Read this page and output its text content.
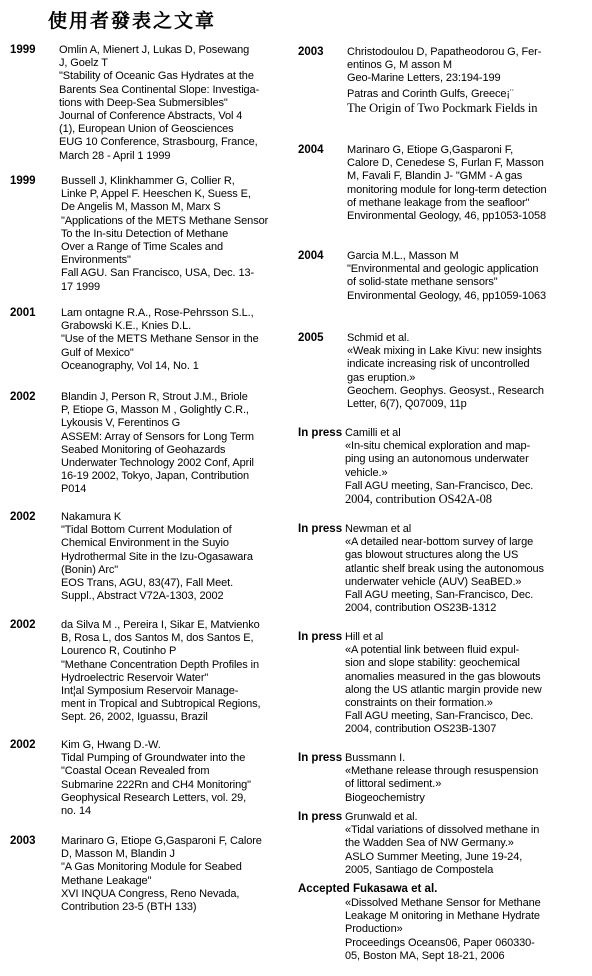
使用者發表之文章
1999 Omlin A, Mienert J, Lukas D, Posewang
J, Goelz T
"Stability of Oceanic Gas Hydrates at the
Barents Sea Continental Slope: Investiga-
tions with Deep-Sea Submersibles"
Journal of Conference Abstracts, Vol 4
(1), European Union of Geosciences
EUG 10 Conference, Strasbourg, France,
March 28 - April 1 1999
1999 Bussell J, Klinkhammer G, Collier R,
Linke P, Appel F. Heeschen K, Suess E,
De Angelis M, Masson M, Marx S
"Applications of the METS Methane Sensor
To the In-situ Detection of Methane
Over a Range of Time Scales and
Environments"
Fall AGU. San Francisco, USA, Dec. 13-
17 1999
2001 Lam ontagne R.A., Rose-Pehrsson S.L.,
Grabowski K.E., Knies D.L.
"Use of the METS Methane Sensor in the
Gulf of Mexico"
Oceanography, Vol 14, No. 1
2002 Blandin J, Person R, Strout J.M., Briole
P, Etiope G, Masson M , Golightly C.R.,
Lykousis V, Ferentinos G
ASSEM: Array of Sensors for Long Term
Seabed Monitoring of Geohazards
Underwater Technology 2002 Conf, April
16-19 2002, Tokyo, Japan, Contribution
P014
2002 Nakamura K
"Tidal Bottom Current Modulation of
Chemical Environment in the Suyio
Hydrothermal Site in the Izu-Ogasawara
(Bonin) Arc"
EOS Trans, AGU, 83(47), Fall Meet.
Suppl., Abstract V72A-1303, 2002
2002 da Silva M ., Pereira I, Sikar E, Matvienko
B, Rosa L, dos Santos M, dos Santos E,
Lourenco R, Coutinho P
"Methane Concentration Depth Profiles in
Hydroelectric Reservoir Water"
Int¦al Symposium Reservoir Manage-
ment in Tropical and Subtropical Regions,
Sept. 26, 2002, Iguassu, Brazil
2002 Kim G, Hwang D.-W.
Tidal Pumping of Groundwater into the
"Coastal Ocean Revealed from
Submarine 222Rn and CH4 Monitoring"
Geophysical Research Letters, vol. 29,
no. 14
2003 Marinaro G, Etiope G,Gasparoni F, Calore
D, Masson M, Blandin J
"A Gas Monitoring Module for Seabed
Methane Leakage"
XVI INQUA Congress, Reno Nevada,
Contribution 23-5 (BTH 133)
2003 Christodoulou D, Papatheodorou G, Fer-
entinos G, M asson M
Geo-Marine Letters, 23:194-199
Patras and Corinth Gulfs, Greece¡¨
The Origin of Two Pockmark Fields in
2004 Marinaro G, Etiope G,Gasparoni F,
Calore D, Cenedese S, Furlan F, Masson
M, Favali F, Blandin J- "GMM - A gas
monitoring module for long-term detection
of methane leakage from the seafloor"
Environmental Geology, 46, pp1053-1058
2004 Garcia M.L., Masson M
"Environmental and geologic application
of solid-state methane sensors"
Environmental Geology, 46, pp1059-1063
2005 Schmid et al.
«Weak mixing in Lake Kivu: new insights
indicate increasing risk of uncontrolled
gas eruption.»
Geochem. Geophys. Geosyst., Research
Letter, 6(7), Q07009, 11p
In press Camilli et al
«In-situ chemical exploration and map-
ping using an autonomous underwater
vehicle.»
Fall AGU meeting, San-Francisco, Dec.
2004, contribution OS42A-08
In press Newman et al
«A detailed near-bottom survey of large
gas blowout structures along the US
atlantic shelf break using the autonomous
underwater vehicle (AUV) SeaBED.»
Fall AGU meeting, San-Francisco, Dec.
2004, contribution OS23B-1312
In press Hill et al
«A potential link between fluid expul-
sion and slope stability: geochemical
anomalies measured in the gas blowouts
along the US atlantic margin provide new
constraints on their formation.»
Fall AGU meeting, San-Francisco, Dec.
2004, contribution OS23B-1307
In press Bussmann I.
«Methane release through resuspension
of littoral sediment.»
Biogeochemistry
In press Grunwald et al.
«Tidal variations of dissolved methane in
the Wadden Sea of NW Germany.»
ASLO Summer Meeting, June 19-24,
2005, Santiago de Compostela
Accepted Fukasawa et al.
«Dissolved Methane Sensor for Methane
Leakage M onitoring in Methane Hydrate
Production»
Proceedings Oceans06, Paper 060330-
05, Boston MA, Sept 18-21, 2006
